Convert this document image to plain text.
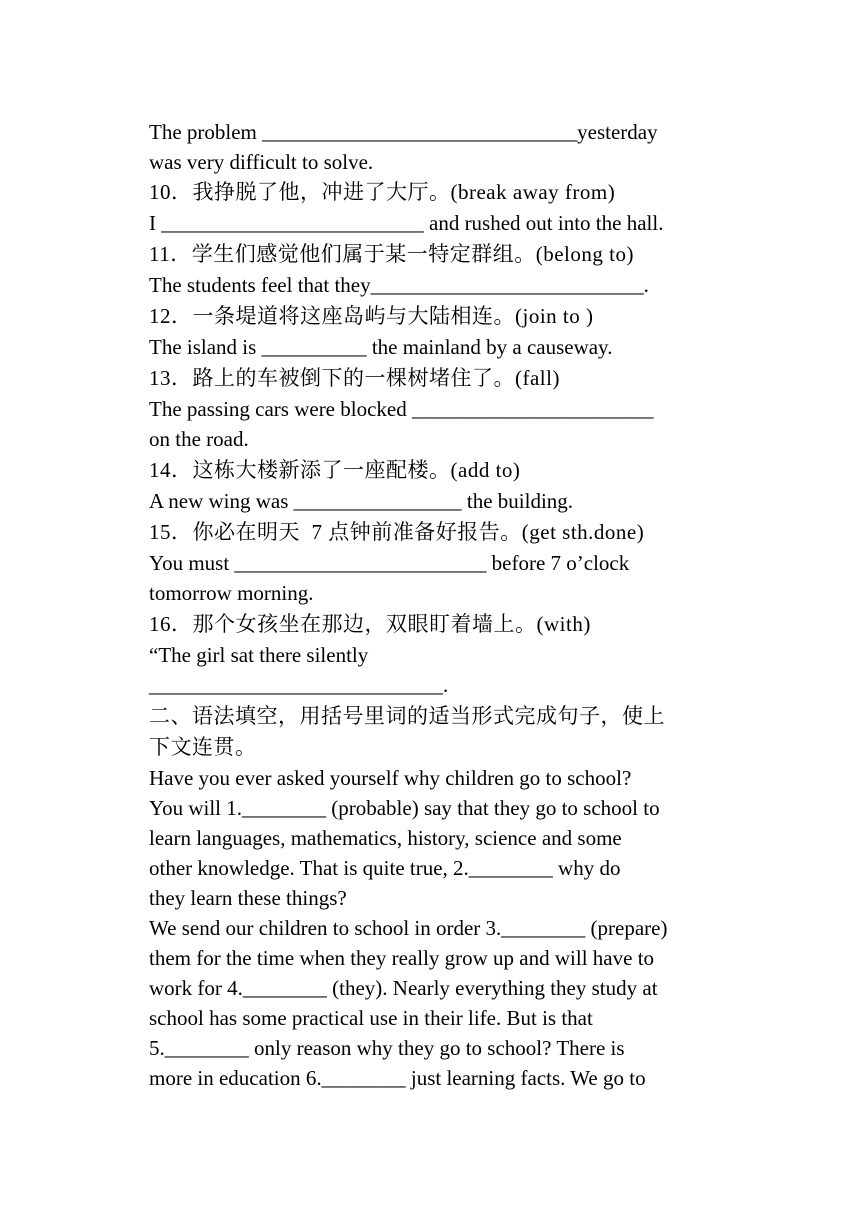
The problem ______________________________yesterday
was very difficult to solve.
10．我挣脱了他，冲进了大厅。(break away from)
I _________________________ and rushed out into the hall.
11．学生们感觉他们属于某一特定群组。(belong to)
The students feel that they__________________________.
12．一条堤道将这座岛屿与大陆相连。(join to )
The island is __________ the mainland by a causeway.
13．路上的车被倒下的一棵树堵住了。(fall)
The passing cars were blocked _______________________
on the road.
14．这栋大楼新添了一座配楼。(add to)
A new wing was ________________ the building.
15．你必在明天  7 点钟前准备好报告。(get sth.done)
You must ________________________ before 7 o’clock
tomorrow morning.
16．那个女孩坐在那边，双眼盯着墙上。(with)
“The girl sat there silently
____________________________.
二、语法填空，用括号里词的适当形式完成句子，使上
下文连贯。
Have you ever asked yourself why children go to school?
You will 1.________ (probable) say that they go to school to
learn languages, mathematics, history, science and some
other knowledge. That is quite true, 2.________ why do
they learn these things?
We send our children to school in order 3.________ (prepare)
them for the time when they really grow up and will have to
work for 4.________ (they). Nearly everything they study at
school has some practical use in their life. But is that
5.________ only reason why they go to school? There is
more in education 6.________ just learning facts. We go to
